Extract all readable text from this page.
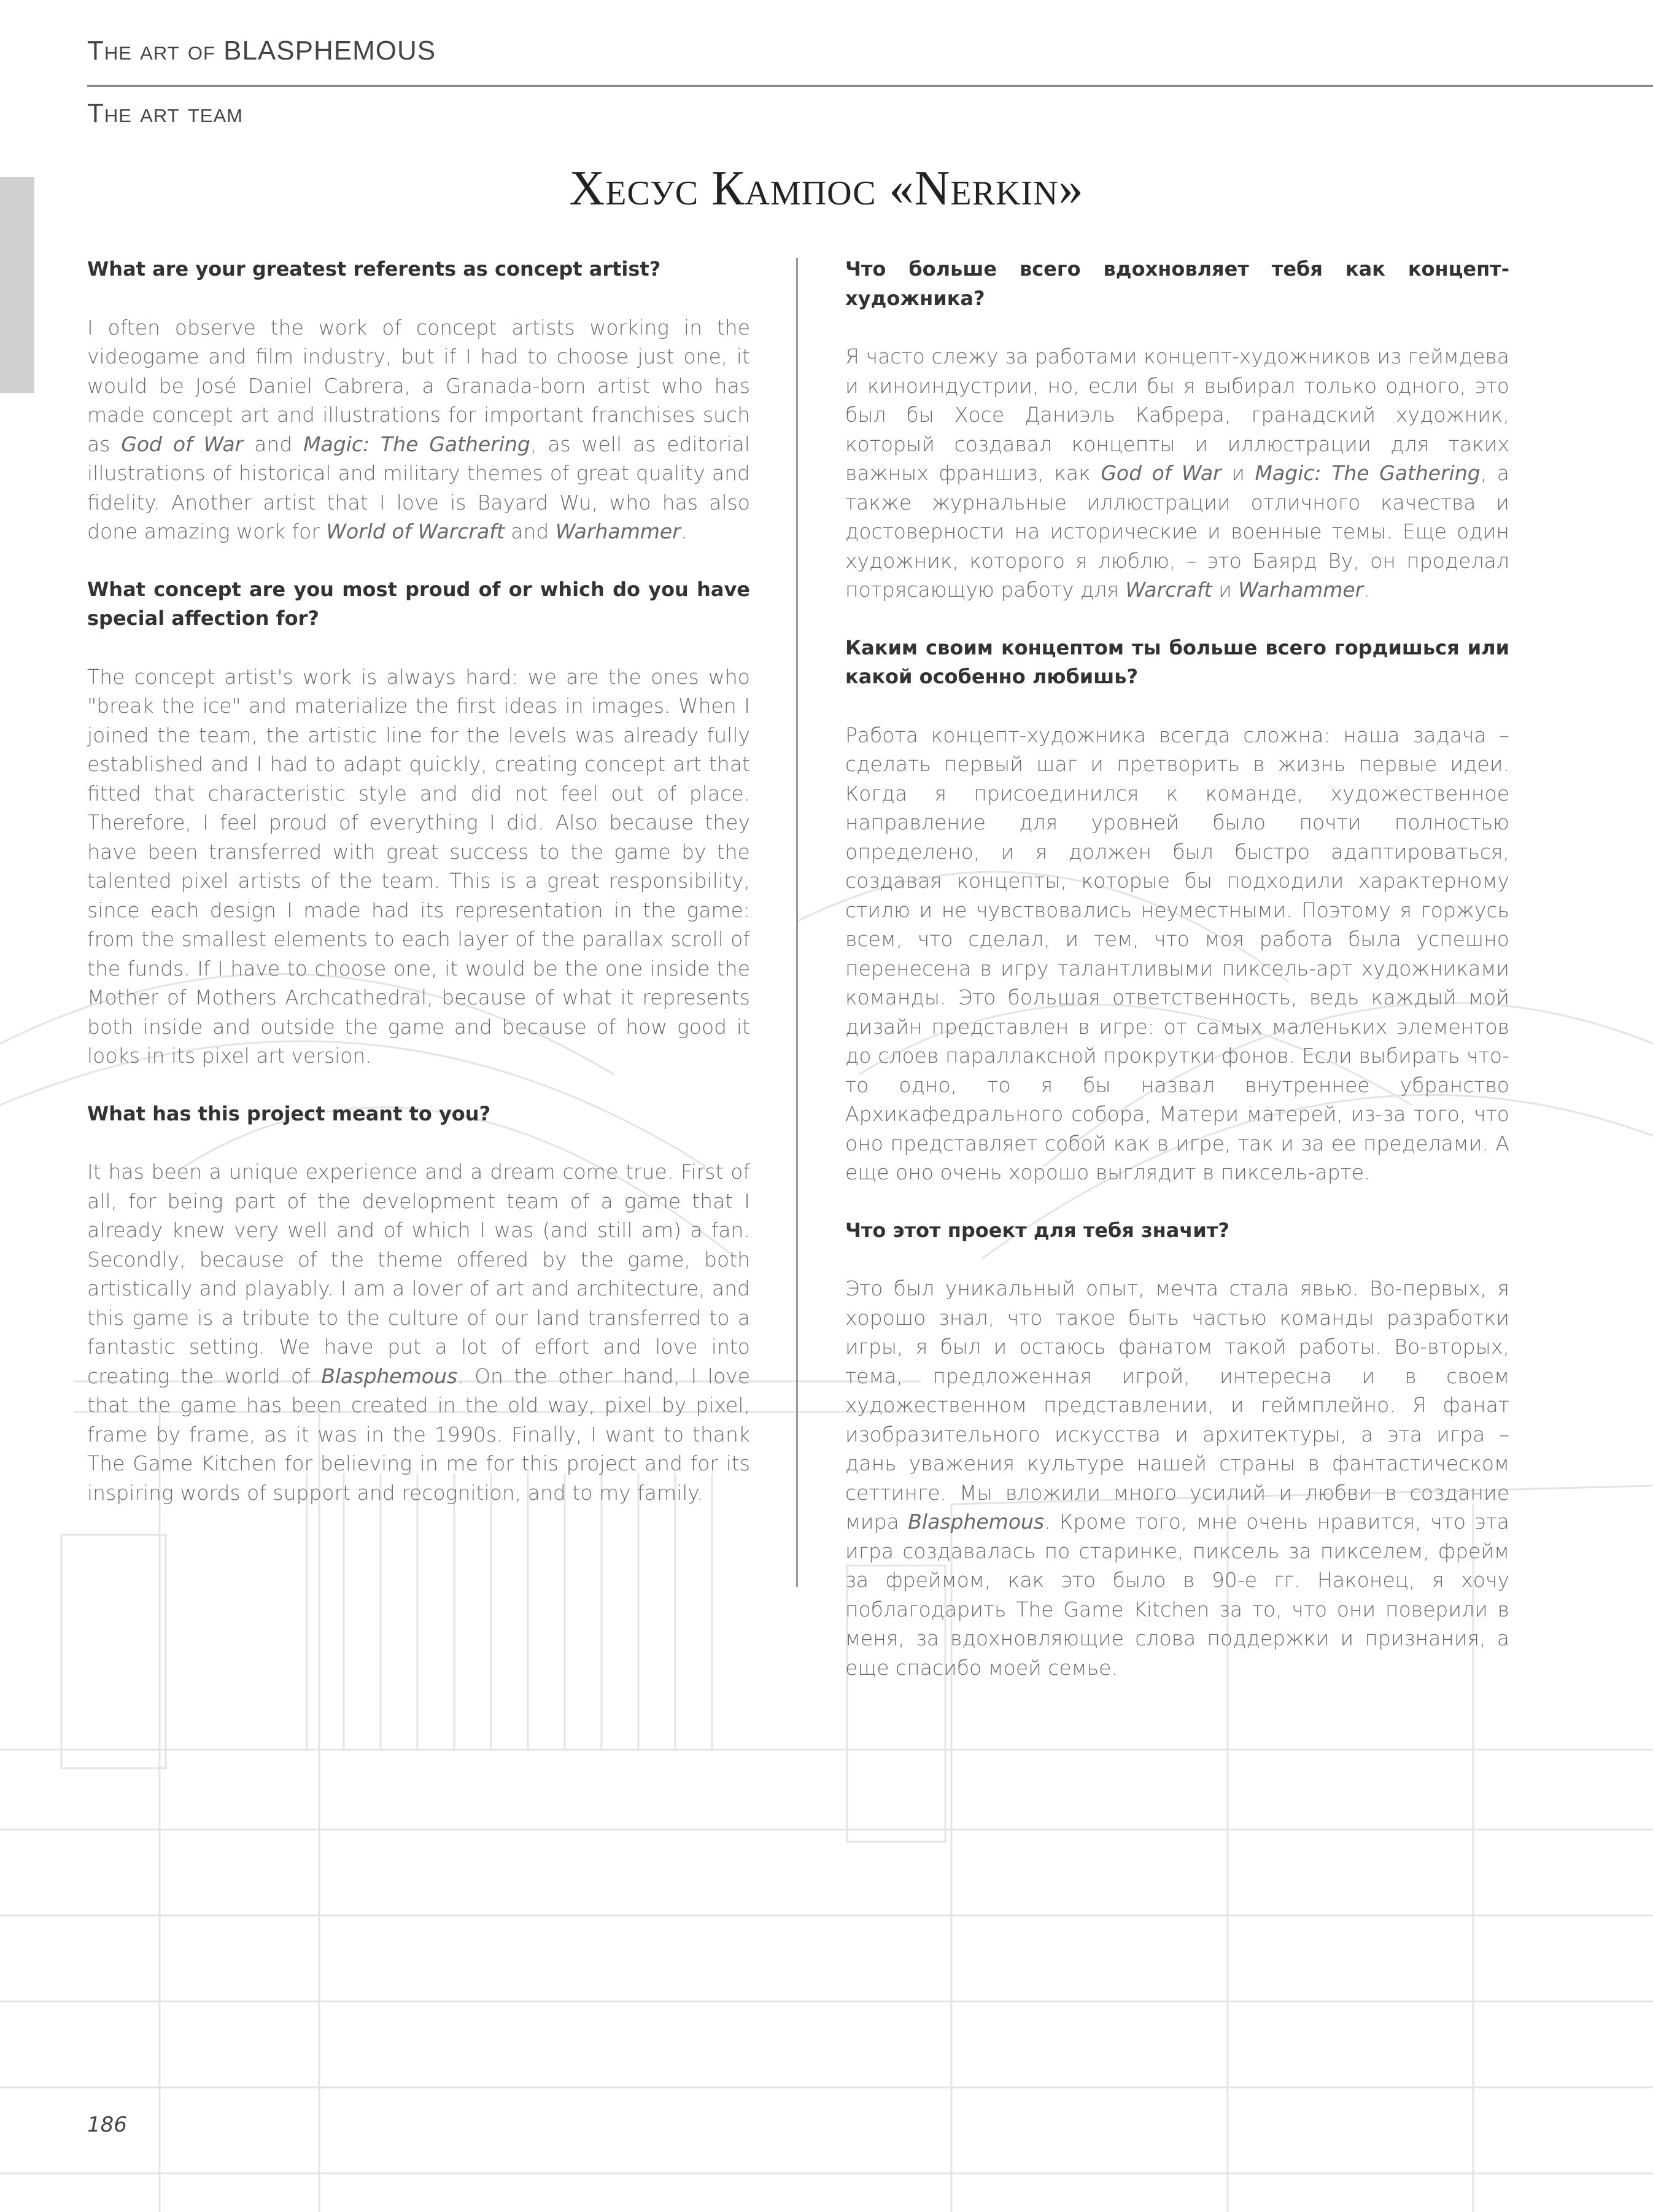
The art of BLASPHEMOUS
The art team
Хесус Кампос «Nerkin»

What are your greatest referents as concept artist?

I often observe the work of concept artists working in the videogame and film industry, but if I had to choose just one, it would be José Daniel Cabrera, a Granada-born artist who has made concept art and illustrations for important franchises such as God of War and Magic: The Gathering, as well as editorial illustrations of historical and military themes of great quality and fidelity. Another artist that I love is Bayard Wu, who has also done amazing work for World of Warcraft and Warhammer.

What concept are you most proud of or which do you have special affection for?

The concept artist's work is always hard: we are the ones who "break the ice" and materialize the first ideas in images. When I joined the team, the artistic line for the levels was already fully established and I had to adapt quickly, creating concept art that fitted that characteristic style and did not feel out of place. Therefore, I feel proud of everything I did. Also because they have been transferred with great success to the game by the talented pixel artists of the team. This is a great responsibility, since each design I made had its representation in the game: from the smallest elements to each layer of the parallax scroll of the funds. If I have to choose one, it would be the one inside the Mother of Mothers Archcathedral, because of what it represents both inside and outside the game and because of how good it looks in its pixel art version.

What has this project meant to you?

It has been a unique experience and a dream come true. First of all, for being part of the development team of a game that I already knew very well and of which I was (and still am) a fan. Secondly, because of the theme offered by the game, both artistically and playably. I am a lover of art and architecture, and this game is a tribute to the culture of our land transferred to a fantastic setting. We have put a lot of effort and love into creating the world of Blasphemous. On the other hand, I love that the game has been created in the old way, pixel by pixel, frame by frame, as it was in the 1990s. Finally, I want to thank The Game Kitchen for believing in me for this project and for its inspiring words of support and recognition, and to my family.

Что больше всего вдохновляет тебя как концепт-художника?

Я часто слежу за работами концепт-художников из геймдева и киноиндустрии, но, если бы я выбирал только одного, это был бы Хосе Даниэль Кабрера, гранадский художник, который создавал концепты и иллюстрации для таких важных франшиз, как God of War и Magic: The Gathering, а также журнальные иллюстрации отличного качества и достоверности на исторические и военные темы. Еще один художник, которого я люблю, – это Баярд Ву, он проделал потрясающую работу для Warcraft и Warhammer.

Каким своим концептом ты больше всего гордишься или какой особенно любишь?

Работа концепт-художника всегда сложна: наша задача – сделать первый шаг и претворить в жизнь первые идеи. Когда я присоединился к команде, художественное направление для уровней было почти полностью определено, и я должен был быстро адаптироваться, создавая концепты, которые бы подходили характерному стилю и не чувствовались неуместными. Поэтому я горжусь всем, что сделал, и тем, что моя работа была успешно перенесена в игру талантливыми пиксель-арт художниками команды. Это большая ответственность, ведь каждый мой дизайн представлен в игре: от самых маленьких элементов до слоев параллаксной прокрутки фонов. Если выбирать что-то одно, то я бы назвал внутреннее убранство Архикафедрального собора, Матери матерей, из-за того, что оно представляет собой как в игре, так и за ее пределами. А еще оно очень хорошо выглядит в пиксель-арте.

Что этот проект для тебя значит?

Это был уникальный опыт, мечта стала явью. Во-первых, я хорошо знал, что такое быть частью команды разработки игры, я был и остаюсь фанатом такой работы. Во-вторых, тема, предложенная игрой, интересна и в своем художественном представлении, и геймплейно. Я фанат изобразительного искусства и архитектуры, а эта игра – дань уважения культуре нашей страны в фантастическом сеттинге. Мы вложили много усилий и любви в создание мира Blasphemous. Кроме того, мне очень нравится, что эта игра создавалась по старинке, пиксель за пикселем, фрейм за фреймом, как это было в 90-е гг. Наконец, я хочу поблагодарить The Game Kitchen за то, что они поверили в меня, за вдохновляющие слова поддержки и признания, а еще спасибо моей семье.

186
